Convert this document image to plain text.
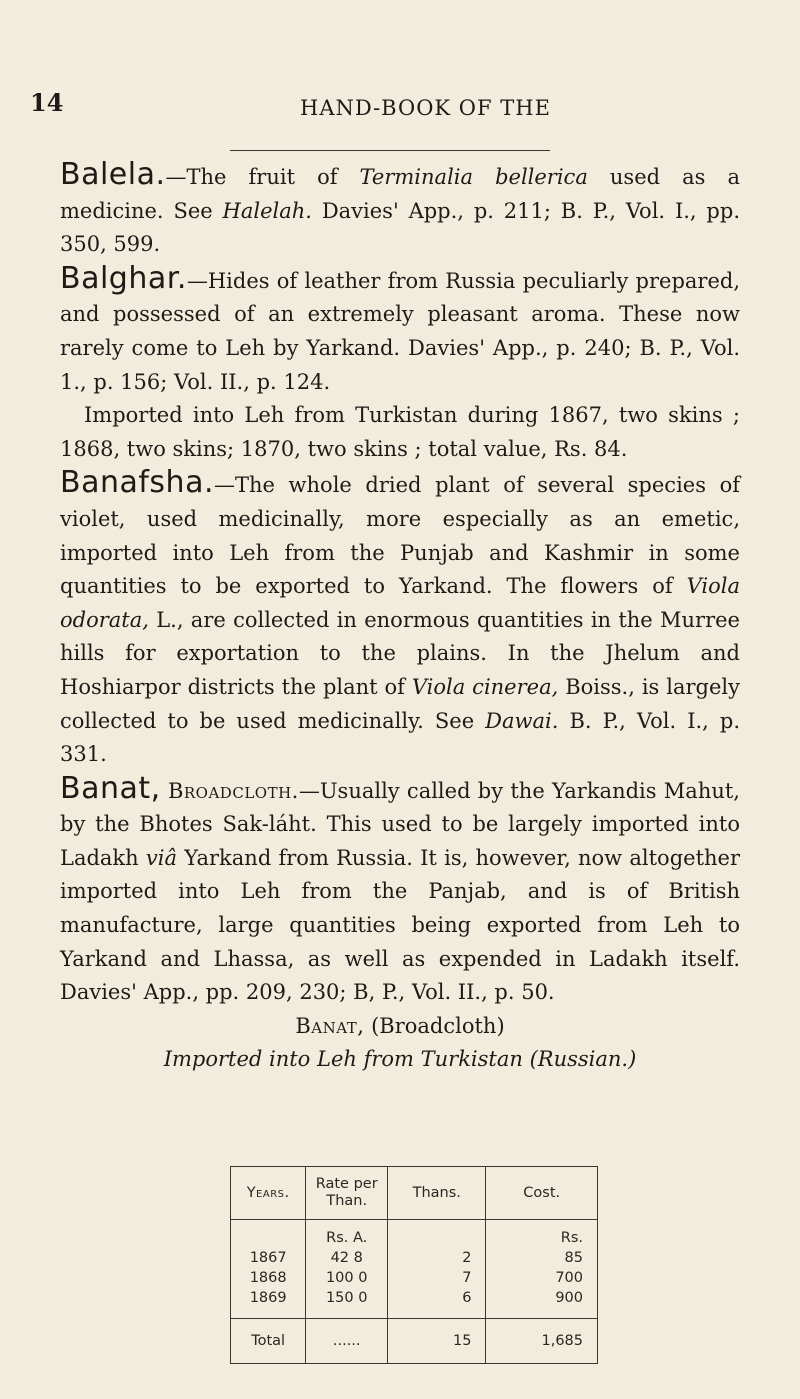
14	HAND-BOOK OF THE

Balela.—The fruit of Terminalia bellerica used as a medicine. See Halelah. Davies' App., p. 211; B. P., Vol. I., pp. 350, 599.

Balghar.—Hides of leather from Russia peculiarly prepared, and possessed of an extremely pleasant aroma. These now rarely come to Leh by Yarkand. Davies' App., p. 240; B. P., Vol. 1., p. 156; Vol. II., p. 124.

Imported into Leh from Turkistan during 1867, two skins ; 1868, two skins; 1870, two skins ; total value, Rs. 84.

Banafsha.—The whole dried plant of several species of violet, used medicinally, more especially as an emetic, imported into Leh from the Punjab and Kashmir in some quantities to be exported to Yarkand. The flowers of Viola odorata, L., are collected in enormous quantities in the Murree hills for exportation to the plains. In the Jhelum and Hoshiarpor districts the plant of Viola cinerea, Boiss., is largely collected to be used medicinally. See Dawai. B. P., Vol. I., p. 331.

Banat, Broadcloth.—Usually called by the Yarkandis Mahut, by the Bhotes Sak-láht. This used to be largely imported into Ladakh viâ Yarkand from Russia. It is, however, now altogether imported into Leh from the Panjab, and is of British manufacture, large quantities being exported from Leh to Yarkand and Lhassa, as well as expended in Ladakh itself. Davies' App., pp. 209, 230; B, P., Vol. II., p. 50.

Banat, (Broadcloth)

Imported into Leh from Turkistan (Russian.)

Years.	Rate per Than.	Thans.	Cost.
	Rs. A.		Rs.
1867	42 8	2	85
1868	100 0	7	700
1869	150 0	6	900
Total	......	15	1,685
